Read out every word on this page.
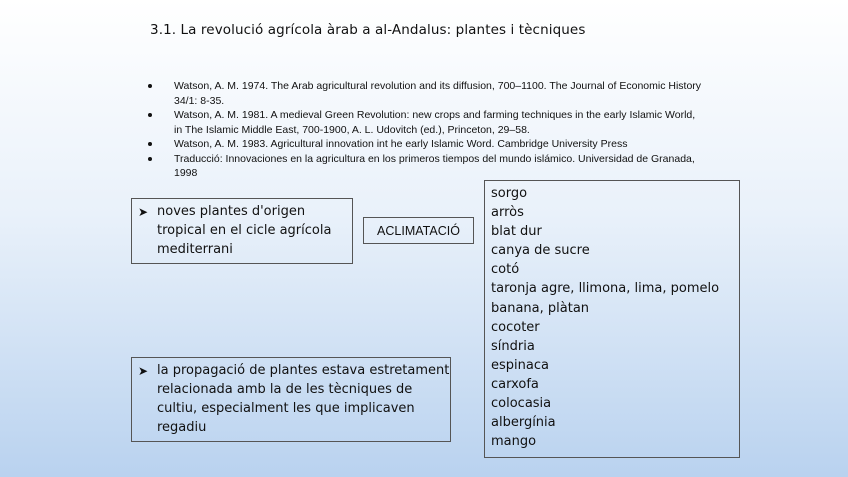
3.1. La revolució agrícola àrab a al-Andalus: plantes i tècniques
Watson, A. M. 1974. The Arab agricultural revolution and its diffusion, 700–1100. The Journal of Economic History 34/1: 8-35.
Watson, A. M. 1981. A medieval Green Revolution: new crops and farming techniques in the early Islamic World, in The Islamic Middle East, 700-1900, A. L. Udovitch (ed.), Princeton, 29–58.
Watson, A. M. 1983. Agricultural innovation int he early Islamic Word. Cambridge University Press
Traducció: Innovaciones en la agricultura en los primeros tiempos del mundo islámico. Universidad de Granada, 1998
➤ noves plantes d'origen tropical en el cicle agrícola mediterrani
ACLIMATACIÓ
sorgo
arròs
blat dur
canya de sucre
cotó
taronja agre, llimona, lima, pomelo
banana, plàtan
cocoter
síndria
espinaca
carxofa
colocasia
albergínia
mango
➤ la propagació de plantes estava estretament relacionada amb la de les tècniques de cultiu, especialment les que implicaven regadiu
